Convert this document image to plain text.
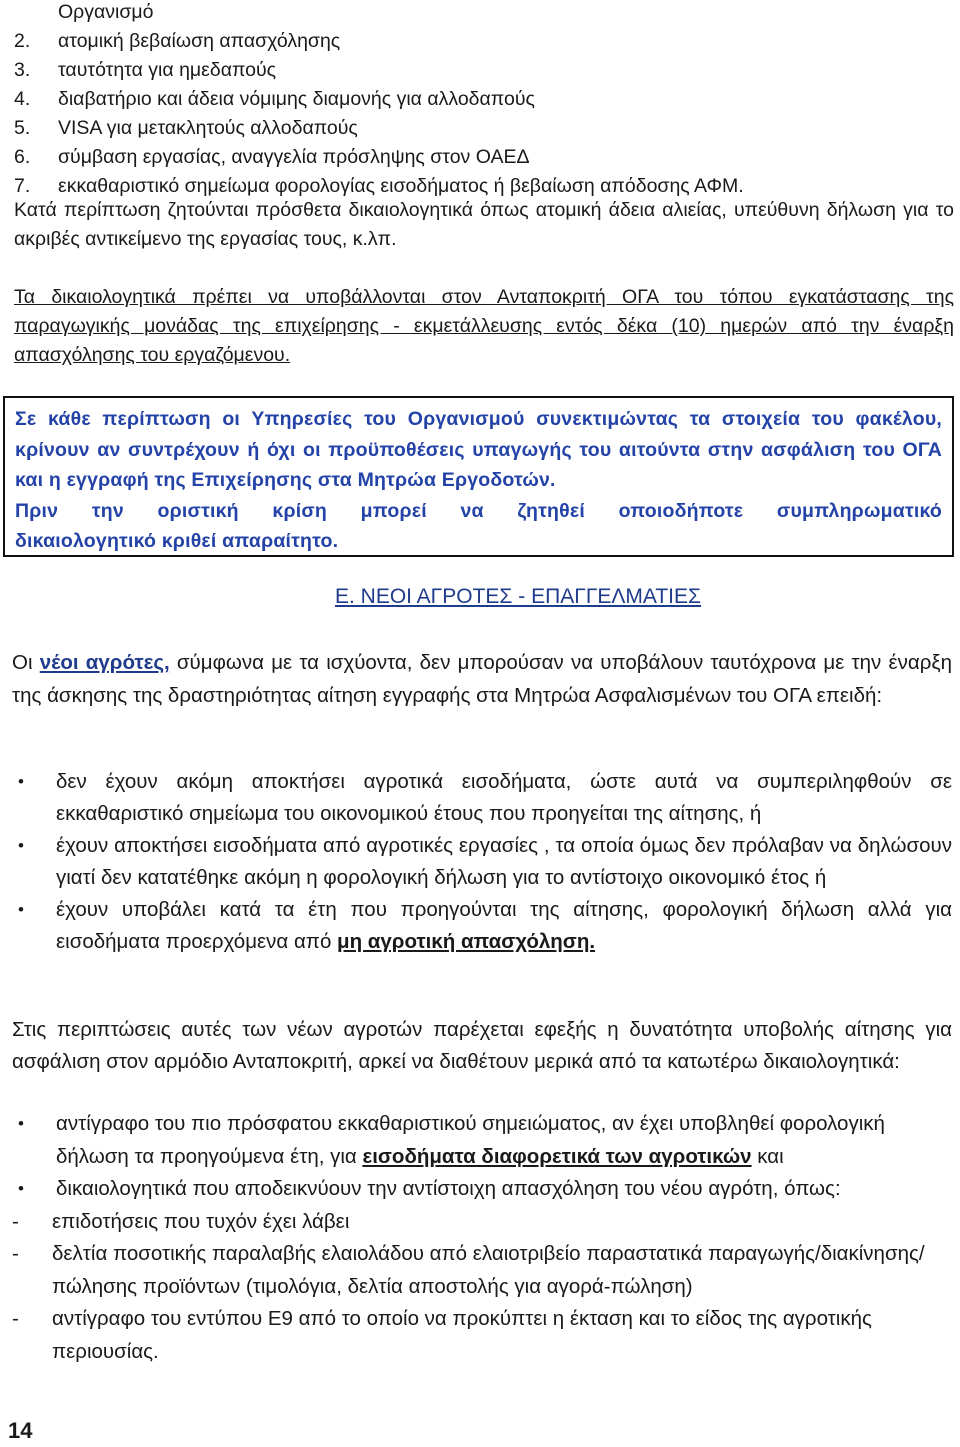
Οργανισμό
2. ατομική βεβαίωση απασχόλησης
3. ταυτότητα για ημεδαπούς
4. διαβατήριο και άδεια νόμιμης διαμονής για αλλοδαπούς
5. VISA για μετακλητούς αλλοδαπούς
6. σύμβαση εργασίας, αναγγελία πρόσληψης στον ΟΑΕΔ
7. εκκαθαριστικό σημείωμα φορολογίας εισοδήματος ή βεβαίωση απόδοσης ΑΦΜ.
Κατά περίπτωση ζητούνται πρόσθετα δικαιολογητικά όπως ατομική άδεια αλιείας, υπεύθυνη δήλωση για το ακριβές αντικείμενο της εργασίας τους, κ.λπ.
Τα δικαιολογητικά πρέπει να υποβάλλονται στον Ανταποκριτή ΟΓΑ του τόπου εγκατάστασης της παραγωγικής μονάδας της επιχείρησης - εκμετάλλευσης εντός δέκα (10) ημερών από την έναρξη απασχόλησης του εργαζόμενου.

Σε κάθε περίπτωση οι Υπηρεσίες του Οργανισμού συνεκτιμώντας τα στοιχεία του φακέλου, κρίνουν αν συντρέχουν ή όχι οι προϋποθέσεις υπαγωγής του αιτούντα στην ασφάλιση του ΟΓΑ και η εγγραφή της Επιχείρησης στα Μητρώα Εργοδοτών.

Πριν την οριστική κρίση μπορεί να ζητηθεί οποιοδήποτε συμπληρωματικό

δικαιολογητικό κριθεί απαραίτητο.

Ε. ΝΕΟΙ ΑΓΡΟΤΕΣ - ΕΠΑΓΓΕΛΜΑΤΙΕΣ
Οι νέοι αγρότες, σύμφωνα με τα ισχύοντα, δεν μπορούσαν να υποβάλουν ταυτόχρονα με την έναρξη της άσκησης της δραστηριότητας αίτηση εγγραφής στα Μητρώα Ασφαλισμένων του ΟΓΑ επειδή:
• δεν έχουν ακόμη αποκτήσει αγροτικά εισοδήματα, ώστε αυτά να συμπεριληφθούν σε εκκαθαριστικό σημείωμα του οικονομικού έτους που προηγείται της αίτησης, ή
• έχουν αποκτήσει εισοδήματα από αγροτικές εργασίες , τα οποία όμως δεν πρόλαβαν να δηλώσουν γιατί δεν κατατέθηκε ακόμη η φορολογική δήλωση για το αντίστοιχο οικονομικό έτος ή
• έχουν υποβάλει κατά τα έτη που προηγούνται της αίτησης, φορολογική δήλωση αλλά για εισοδήματα προερχόμενα από μη αγροτική απασχόληση.
Στις περιπτώσεις αυτές των νέων αγροτών παρέχεται εφεξής η δυνατότητα υποβολής αίτησης για ασφάλιση στον αρμόδιο Ανταποκριτή, αρκεί να διαθέτουν μερικά από τα κατωτέρω δικαιολογητικά:
• αντίγραφο του πιο πρόσφατου εκκαθαριστικού σημειώματος, αν έχει υποβληθεί φορολογική δήλωση τα προηγούμενα έτη, για εισοδήματα διαφορετικά των αγροτικών και
• δικαιολογητικά που αποδεικνύουν την αντίστοιχη απασχόληση του νέου αγρότη, όπως:
- επιδοτήσεις που τυχόν έχει λάβει
- δελτία ποσοτικής παραλαβής ελαιολάδου από ελαιοτριβείο παραστατικά παραγωγής/διακίνησης/πώλησης προϊόντων (τιμολόγια, δελτία αποστολής για αγορά-πώληση)
- αντίγραφο του εντύπου Ε9 από το οποίο να προκύπτει η έκταση και το είδος της αγροτικής περιουσίας.
14
